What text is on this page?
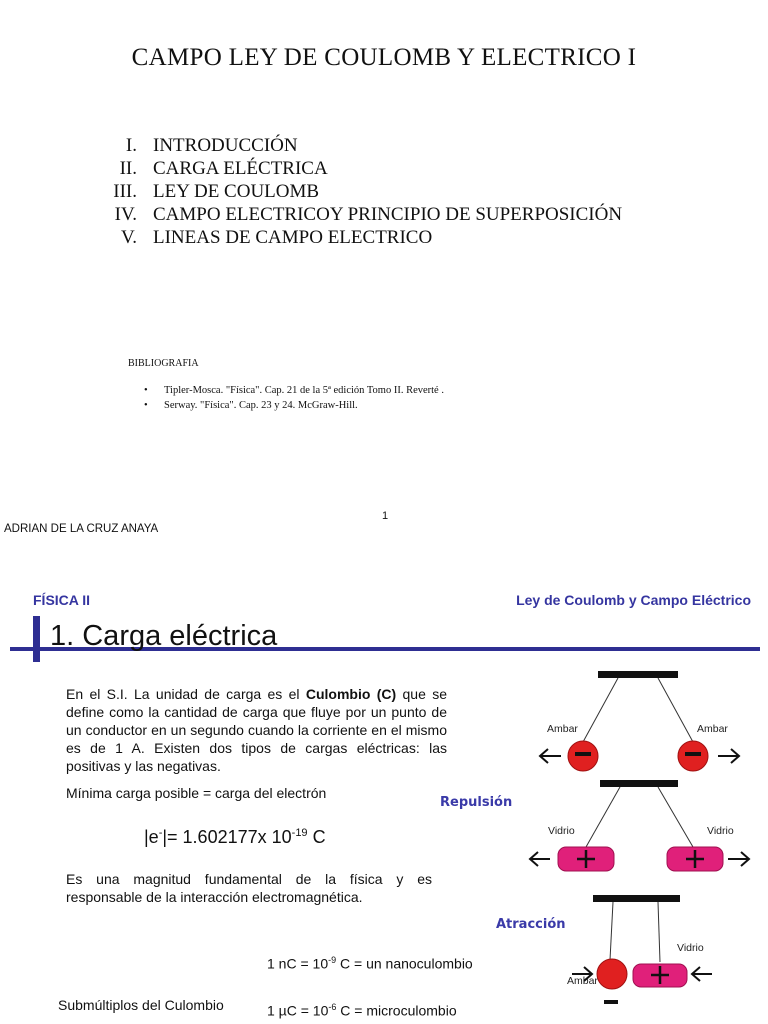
CAMPO LEY DE COULOMB Y ELECTRICO I
I. INTRODUCCIÓN
II. CARGA ELÉCTRICA
III. LEY DE COULOMB
IV. CAMPO ELECTRICOY PRINCIPIO DE SUPERPOSICIÓN
V. LINEAS DE CAMPO ELECTRICO
BIBLIOGRAFIA
•	Tipler-Mosca. "Física". Cap. 21 de la 5ª edición Tomo II. Reverté .
•	Serway. "Física". Cap. 23 y 24. McGraw-Hill.
1
ADRIAN DE LA CRUZ ANAYA
FÍSICA II	Ley de Coulomb y Campo Eléctrico
1. Carga eléctrica
En el S.I. La unidad de carga es el Culombio (C) que se define como la cantidad de carga que fluye por un punto de un conductor en un segundo cuando la corriente en el mismo es de 1 A. Existen dos tipos de cargas eléctricas: las positivas y las negativas.
Mínima carga posible = carga del electrón
|e-|= 1.602177x $10^{-19}$ C
Es una magnitud fundamental de la física y es responsable de la interacción electromagnética.
1 nC = $10^{-9}$ C = un nanoculombio
Submúltiplos del Culombio	1 $\mu C = 10^{-6}$ C = microculombio
Ambar	Ambar
Repulsión
Vidrio	Vidrio
Atracción
Vidrio
Ambar
